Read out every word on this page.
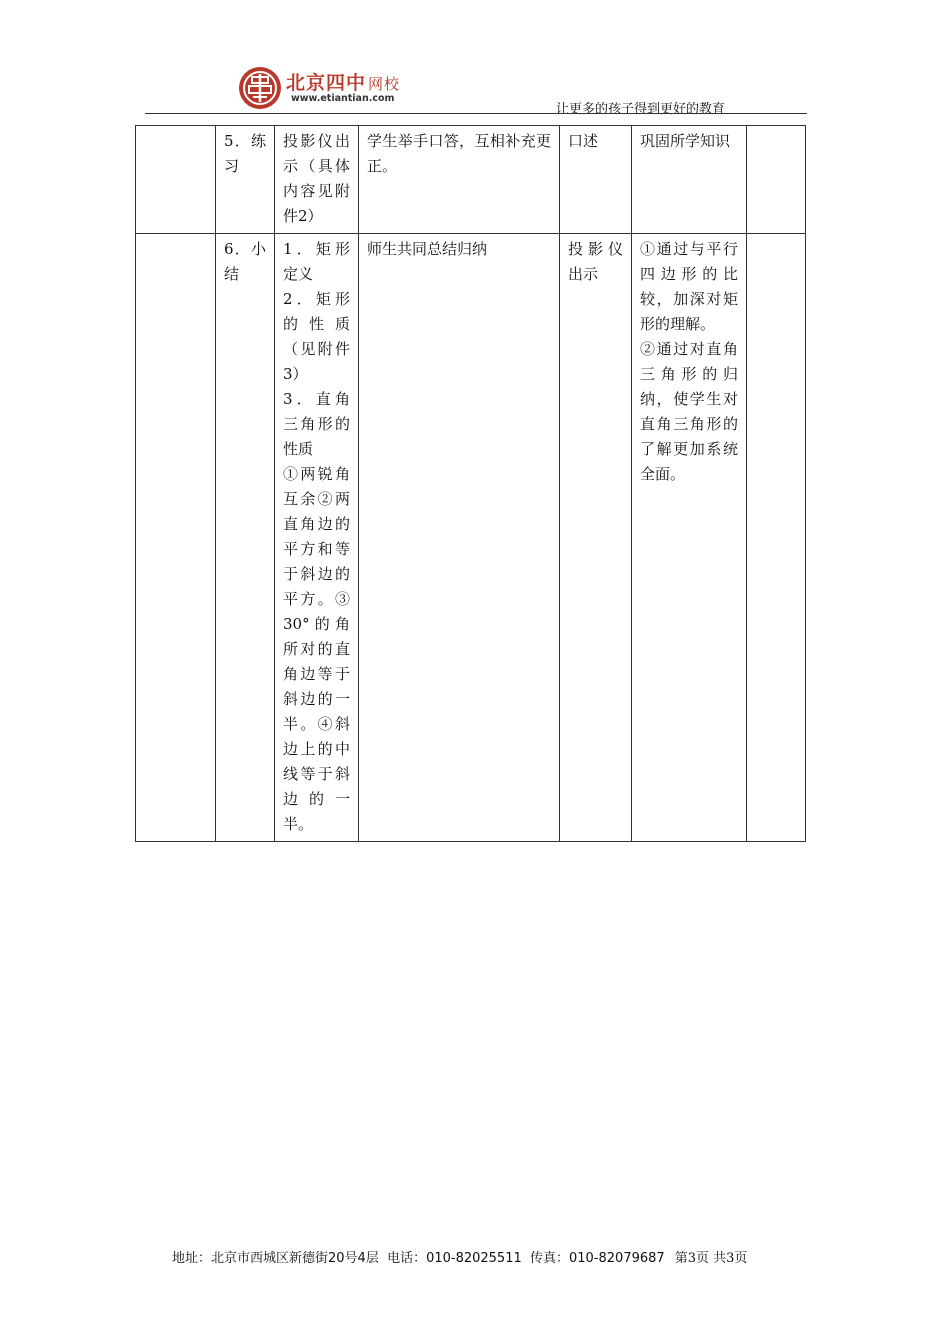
北京四中 网校
www.etiantian.com
让更多的孩子得到更好的教育
	5．练习	投影仪出示（具体内容见附件2）	学生举手口答，互相补充更正。	口述	巩固所学知识	
	6．小结	1．矩形定义
2．矩形的性质（见附件3）
3．直角三角形的性质
①两锐角互余②两直角边的平方和等于斜边的平方。③30°的角所对的直角边等于斜边的一半。④斜边上的中线等于斜边的一半。	师生共同总结归纳	投影仪出示	①通过与平行四边形的比较，加深对矩形的理解。
②通过对直角三角形的归纳，使学生对直角三角形的了解更加系统全面。	
地址：北京市西城区新德街20号4层  电话：010-82025511  传真：010-82079687 第3页 共3页
